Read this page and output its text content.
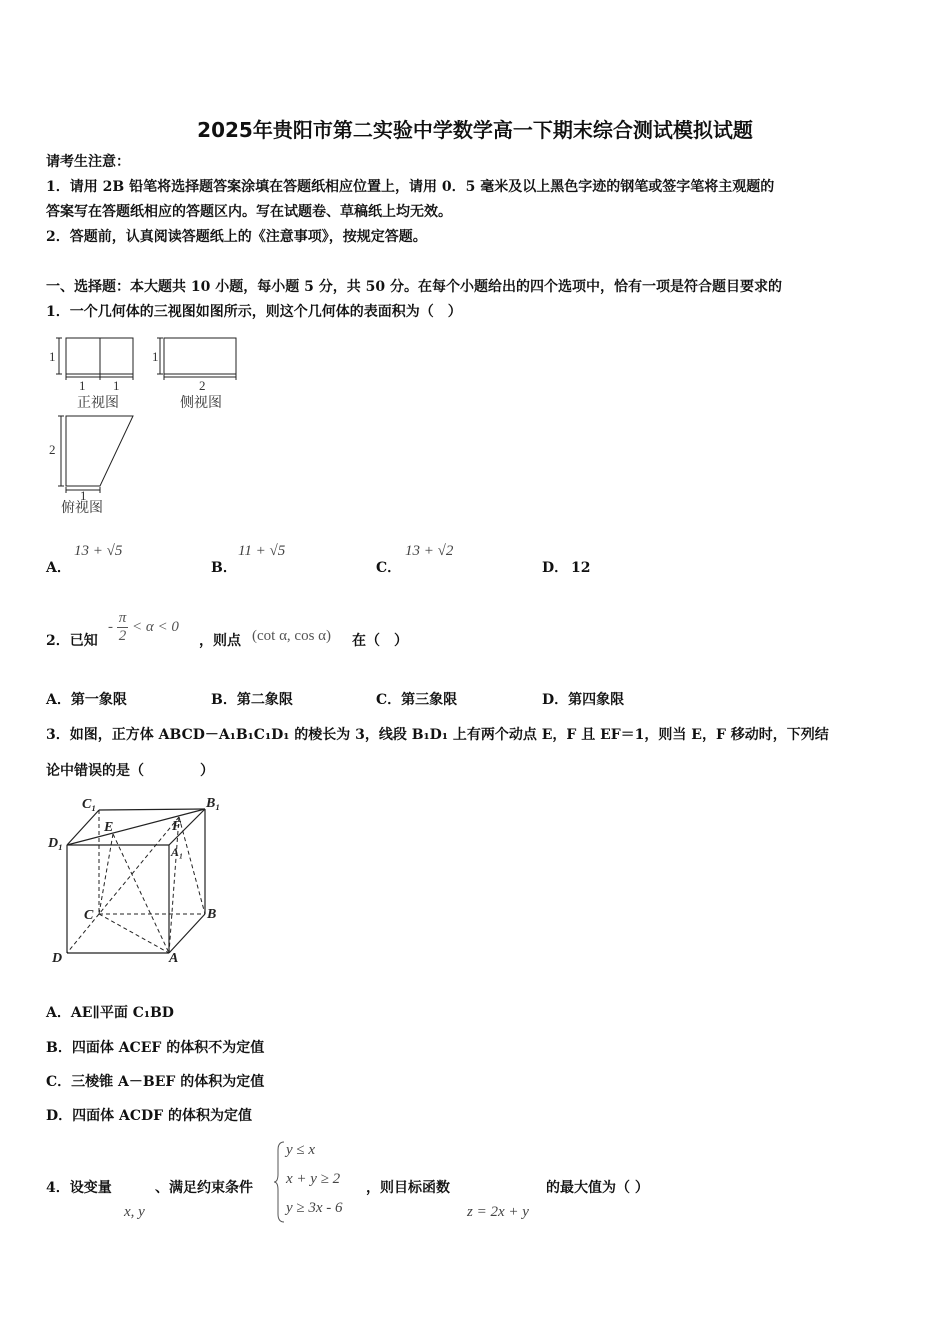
2025年贵阳市第二实验中学数学高一下期末综合测试模拟试题
请考生注意：
1．请用 2B 铅笔将选择题答案涂填在答题纸相应位置上，请用 0．5 毫米及以上黑色字迹的钢笔或签字笔将主观题的
答案写在答题纸相应的答题区内。写在试题卷、草稿纸上均无效。
2．答题前，认真阅读答题纸上的《注意事项》，按规定答题。
一、选择题：本大题共 10 小题，每小题 5 分，共 50 分。在每个小题给出的四个选项中，恰有一项是符合题目要求的
1．一个几何体的三视图如图所示，则这个几何体的表面积为（　）
1
1 1
1
2
2
1
正视图	侧视图
俯视图
A．
13 + √5
B．
11 + √5
C．
13 + √2
D． 12
2．已知
- $\frac{\pi}{2} < \alpha < 0$
，则点 (cot α, cos α) 在（　）
A．第一象限	B．第二象限	C．第三象限	D．第四象限
3．如图，正方体 ABCD－A₁B₁C₁D₁ 的棱长为 3，线段 B₁D₁ 上有两个动点 E，F 且 EF＝1，则当 E，F 移动时，下列结
论中错误的是（　　　　）
C₁	B₁
D₁
A₁
E	F
C	B
D	A
A．AE∥平面 C₁BD
B．四面体 ACEF 的体积不为定值
C．三棱锥 A－BEF 的体积为定值
D．四面体 ACDF 的体积为定值
4．设变量
x, y
、满足约束条件
y ≤ x
x + y ≥ 2
y ≥ 3x - 6
，则目标函数
z = 2x + y
的最大值为（ ）
